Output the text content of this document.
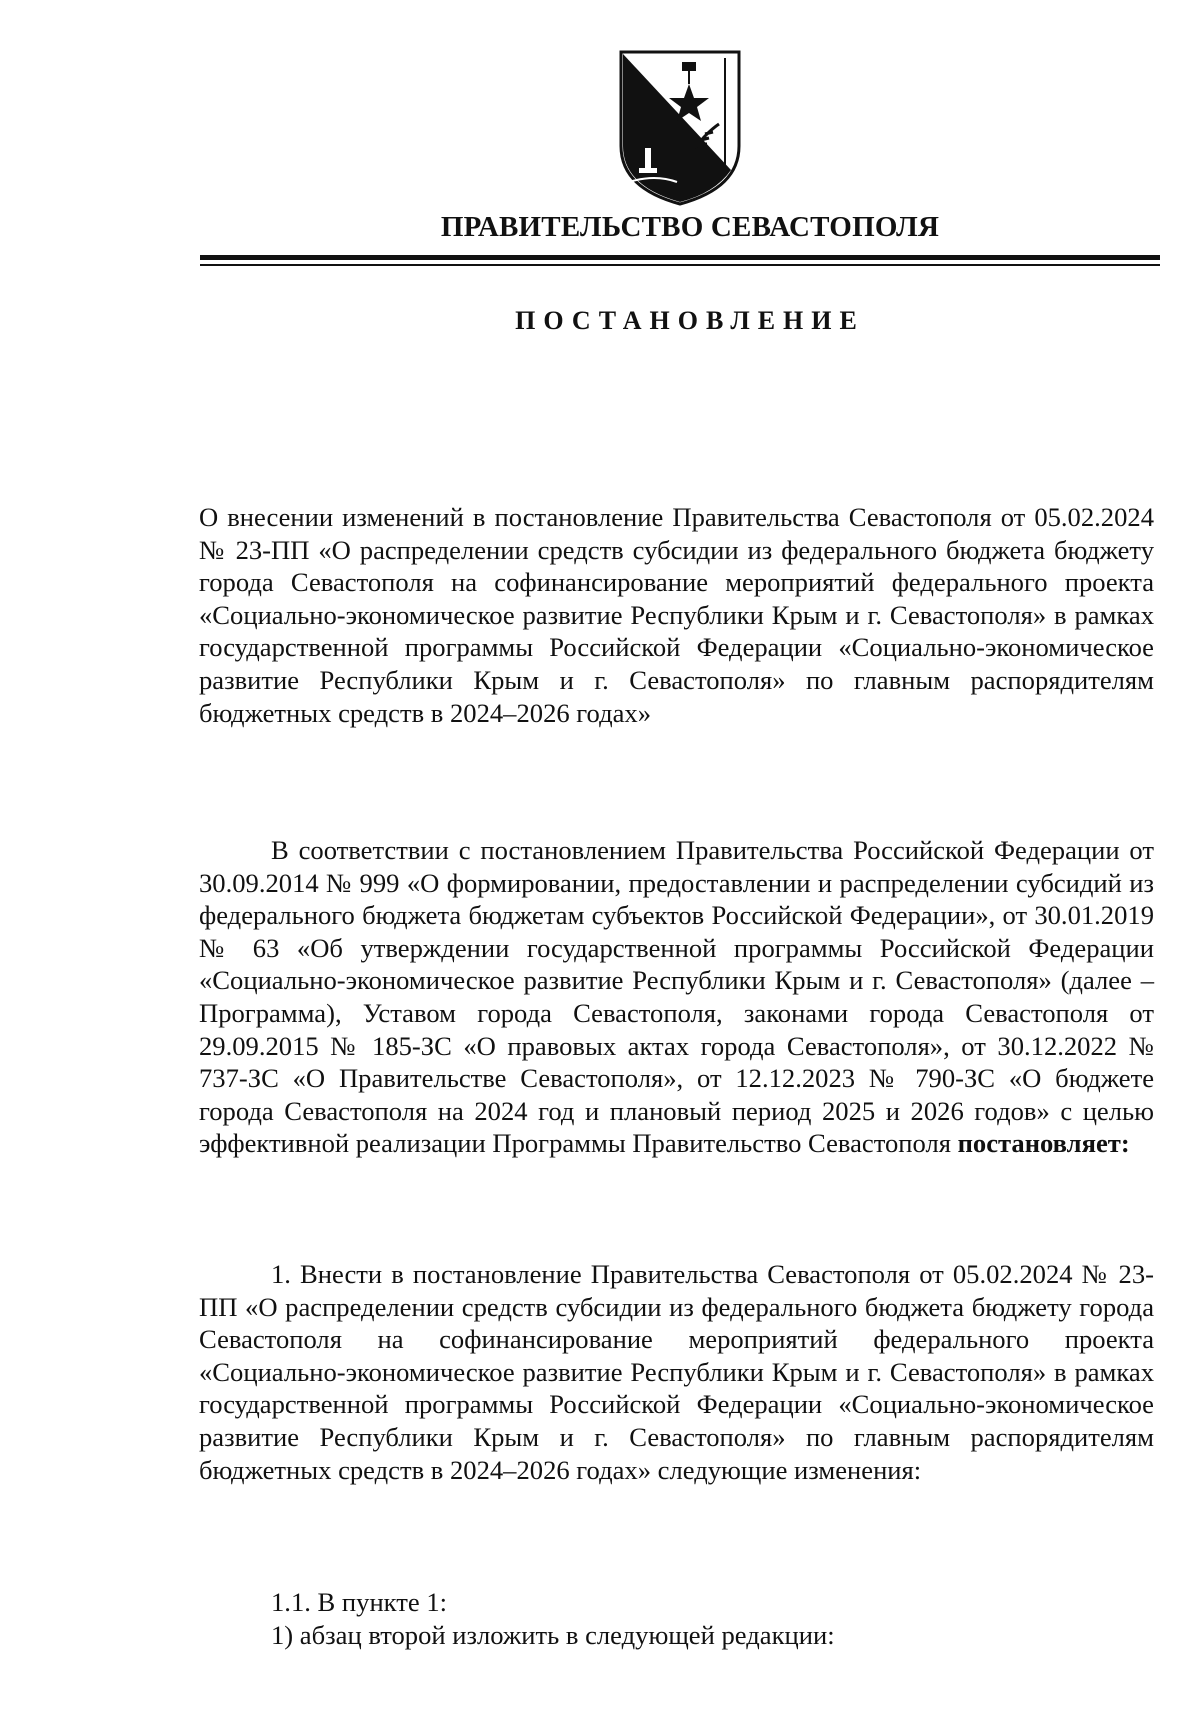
ПРАВИТЕЛЬСТВО СЕВАСТОПОЛЯ
ПОСТАНОВЛЕНИЕ

О внесении изменений в постановление Правительства Севастополя от 05.02.2024 № 23-ПП «О распределении средств субсидии из федерального бюджета бюджету города Севастополя на софинансирование мероприятий федерального проекта «Социально-экономическое развитие Республики Крым и г. Севастополя» в рамках государственной программы Российской Федерации «Социально-экономическое развитие Республики Крым и г. Севастополя» по главным распорядителям бюджетных средств в 2024–2026 годах»

В соответствии с постановлением Правительства Российской Федерации от 30.09.2014 № 999 «О формировании, предоставлении и распределении субсидий из федерального бюджета бюджетам субъектов Российской Федерации», от 30.01.2019 № 63 «Об утверждении государственной программы Российской Федерации «Социально-экономическое развитие Республики Крым и г. Севастополя» (далее – Программа), Уставом города Севастополя, законами города Севастополя от 29.09.2015 № 185-ЗС «О правовых актах города Севастополя», от 30.12.2022 № 737-ЗС «О Правительстве Севастополя», от 12.12.2023 № 790-ЗС «О бюджете города Севастополя на 2024 год и плановый период 2025 и 2026 годов» с целью эффективной реализации Программы Правительство Севастополя постановляет:

1. Внести в постановление Правительства Севастополя от 05.02.2024 № 23-ПП «О распределении средств субсидии из федерального бюджета бюджету города Севастополя на софинансирование мероприятий федерального проекта «Социально-экономическое развитие Республики Крым и г. Севастополя» в рамках государственной программы Российской Федерации «Социально-экономическое развитие Республики Крым и г. Севастополя» по главным распорядителям бюджетных средств в 2024–2026 годах» следующие изменения:

1.1. В пункте 1:

1) абзац второй изложить в следующей редакции:
